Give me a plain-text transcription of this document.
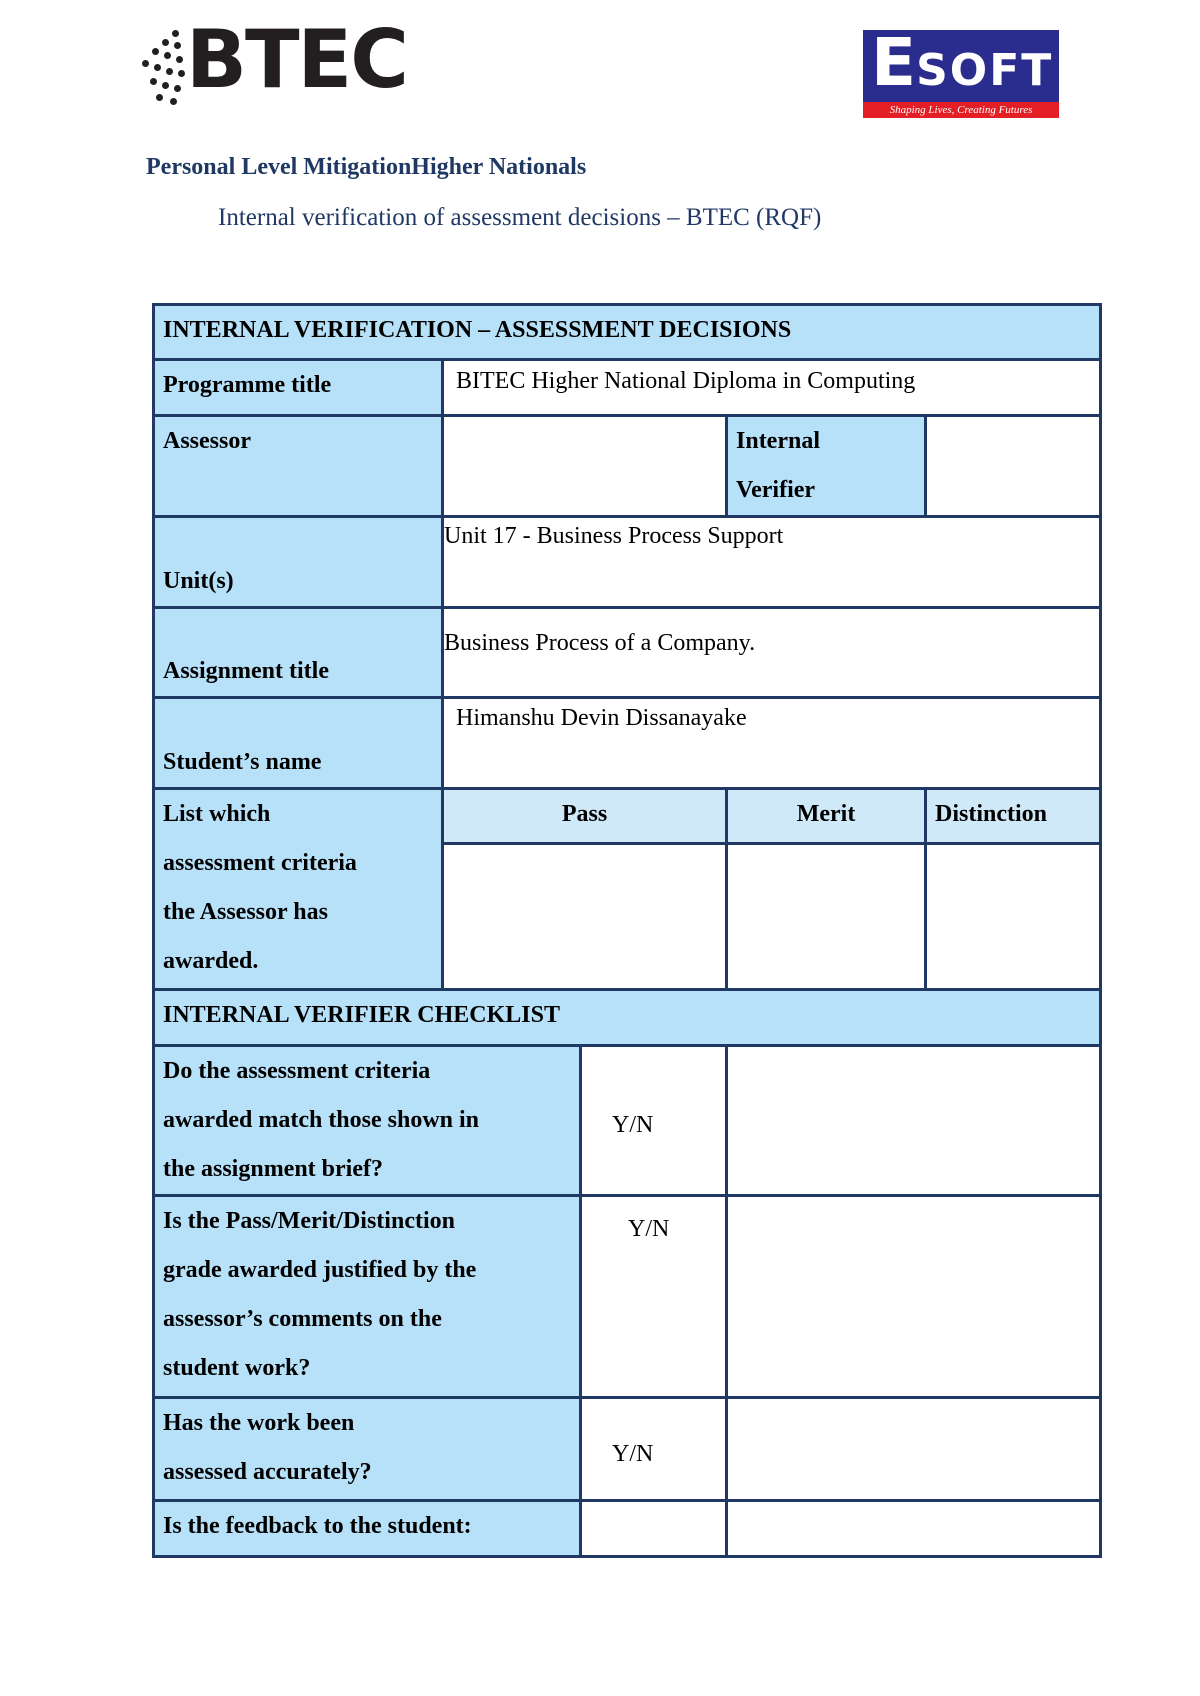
BTEC	ESOFT
Shaping Lives, Creating Futures
Personal Level MitigationHigher Nationals
Internal verification of assessment decisions – BTEC (RQF)
INTERNAL VERIFICATION – ASSESSMENT DECISIONS				
Programme title	BITEC Higher National Diploma in Computing			
Assessor			Internal
Verifier	

Unit(s)	Unit 17 - Business Process Support			
Assignment title	Business Process of a Company.			
Student’s name	Himanshu Devin Dissanayake			

List which
assessment criteria
the Assessor has
awarded.	Pass		Merit	Distinction

INTERNAL VERIFIER CHECKLIST				

Do the assessment criteria
awarded match those shown in
the assignment brief?		Y/N		

Is the Pass/Merit/Distinction
grade awarded justified by the
assessor’s comments on the
student work?		Y/N		

Has the work been
assessed accurately?		Y/N		

Is the feedback to the student:				
